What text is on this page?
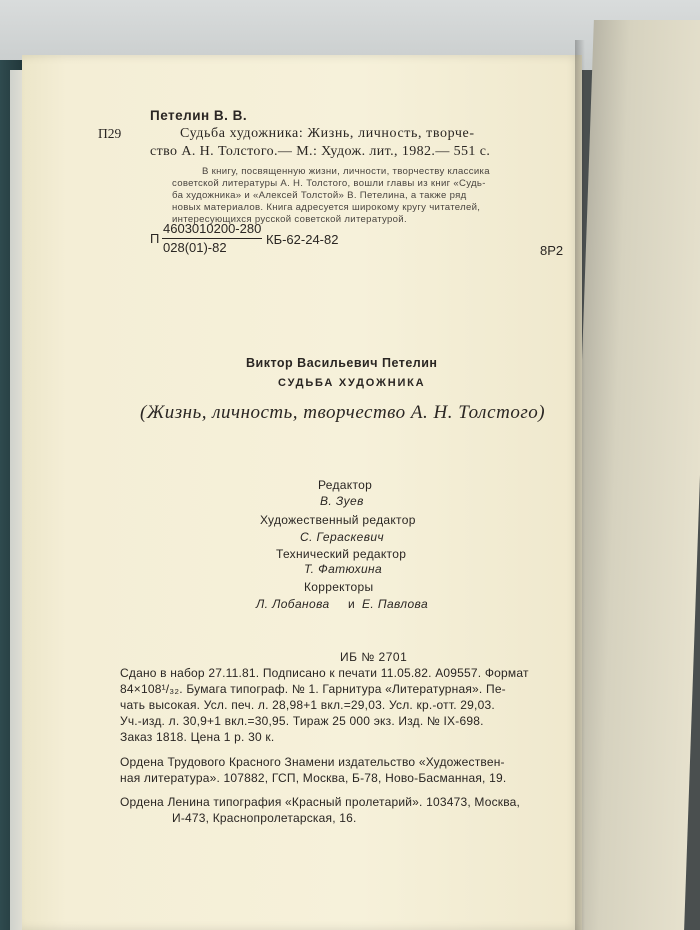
Петелин В. В.
П29	Судьба художника: Жизнь, личность, творче-
ство А. Н. Толстого.— М.: Худож. лит., 1982.— 551 с.
В книгу, посвященную жизни, личности, творчеству классика
советской литературы А. Н. Толстого, вошли главы из книг «Судь-
ба художника» и «Алексей Толстой» В. Петелина, а также ряд
новых материалов. Книга адресуется широкому кругу читателей,
интересующихся русской советской литературой.
П
4603010200-280
028(01)-82
КБ-62-24-82
8Р2
Виктор Васильевич Петелин
СУДЬБА ХУДОЖНИКА
(Жизнь, личность, творчество А. Н. Толстого)
Редактор
В. Зуев
Художественный редактор
С. Гераскевич
Технический редактор
Т. Фатюхина
Корректоры
Л. Лобанова и Е. Павлова
ИБ № 2701
Сдано в набор 27.11.81. Подписано к печати 11.05.82. А09557. Формат
84×108¹/₃₂. Бумага типограф. № 1. Гарнитура «Литературная». Пе-
чать высокая. Усл. печ. л. 28,98+1 вкл.=29,03. Усл. кр.-отт. 29,03.
Уч.-изд. л. 30,9+1 вкл.=30,95. Тираж 25 000 экз. Изд. № IX-698.
Заказ 1818. Цена 1 р. 30 к.
Ордена Трудового Красного Знамени издательство «Художествен-
ная литература». 107882, ГСП, Москва, Б-78, Ново-Басманная, 19.
Ордена Ленина типография «Красный пролетарий». 103473, Москва,
И-473, Краснопролетарская, 16.
